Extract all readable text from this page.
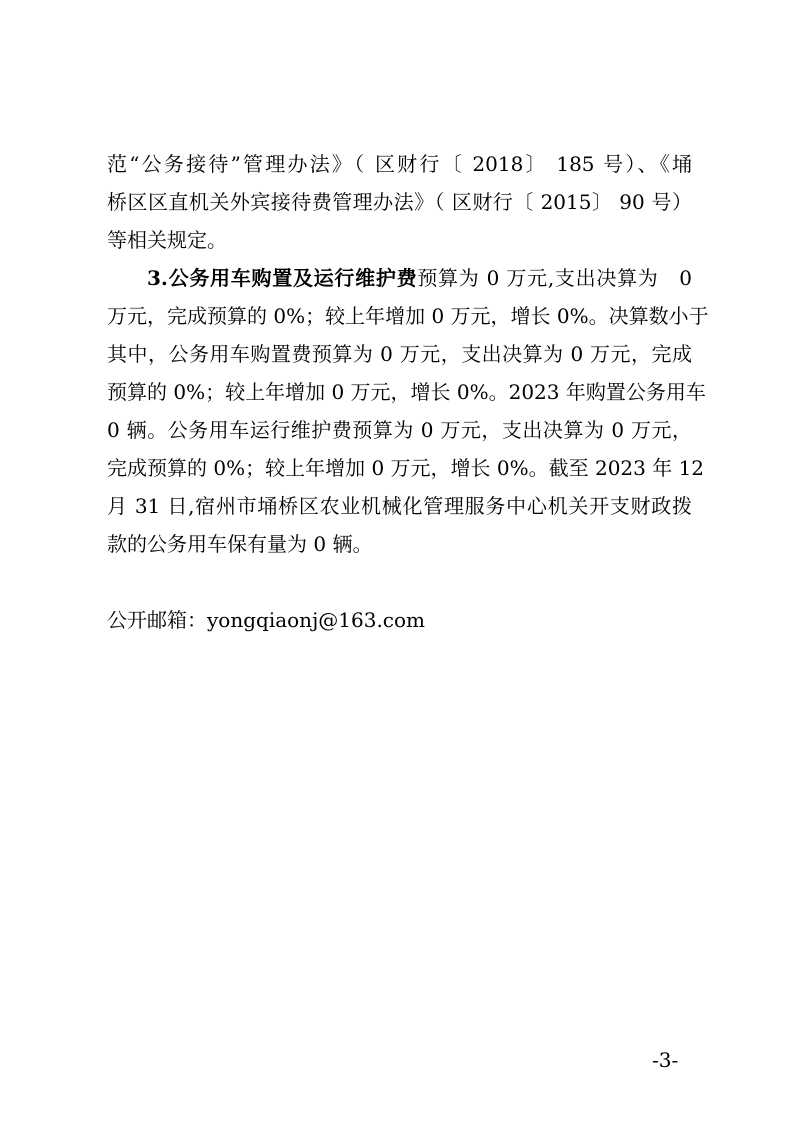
范“公务接待”管理办法》（ 区财行〔 2018〕 185 号）、《埇

桥区区直机关外宾接待费管理办法》（ 区财行〔 2015〕 90 号）

等相关规定。

3.公务用车购置及运行维护费预算为 0 万元,支出决算为　0

万元，完成预算的 0%；较上年增加 0 万元，增长 0%。决算数小于

其中，公务用车购置费预算为 0 万元，支出决算为 0 万元，完成

预算的 0%；较上年增加 0 万元，增长 0%。2023 年购置公务用车

0 辆。公务用车运行维护费预算为 0 万元，支出决算为 0 万元，

完成预算的 0%；较上年增加 0 万元，增长 0%。截至 2023 年 12

月 31 日,宿州市埇桥区农业机械化管理服务中心机关开支财政拨

款的公务用车保有量为 0 辆。

公开邮箱：yongqiaonj@163.com

-3-
